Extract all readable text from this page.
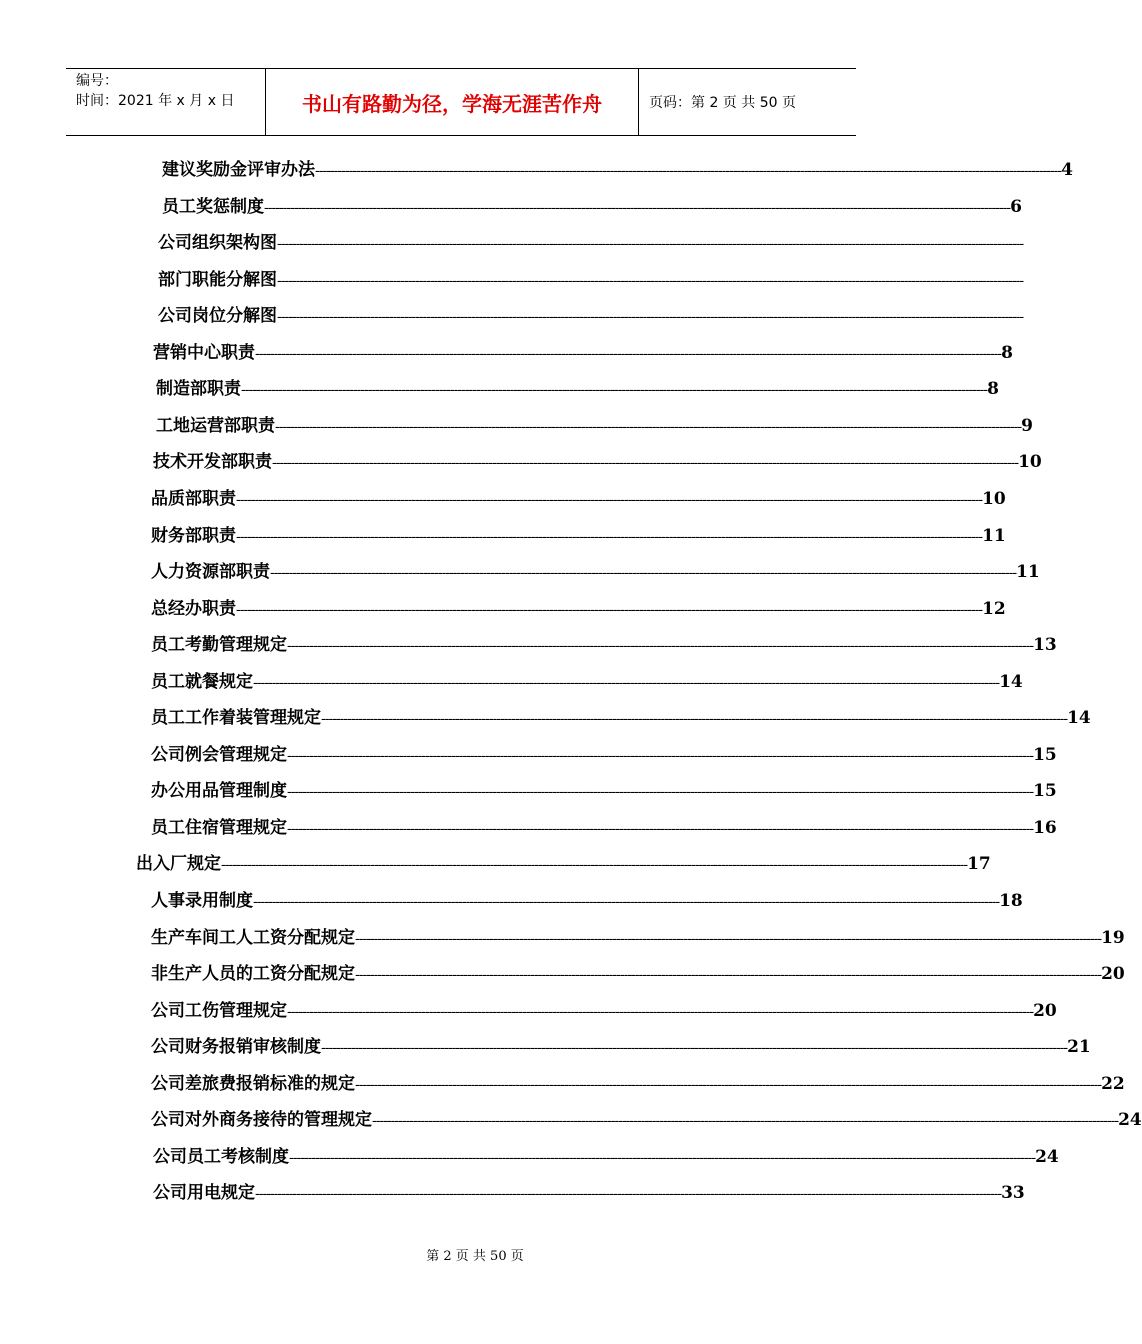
编号：
时间：2021 年 x 月 x 日	书山有路勤为径，学海无涯苦作舟	页码：第 2 页 共 50 页
建议奖励金评审办法 -------------------------------------------------------------------------------------------------------------------------------------------------------------------------------------------------------- 4
员工奖惩制度 -------------------------------------------------------------------------------------------------------------------------------------------------------------------------------------------------------- 6
公司组织架构图 --------------------------------------------------------------------------------------------------------------------------------------------------------------------------------------------------------
部门职能分解图 --------------------------------------------------------------------------------------------------------------------------------------------------------------------------------------------------------
公司岗位分解图 --------------------------------------------------------------------------------------------------------------------------------------------------------------------------------------------------------
营销中心职责 -------------------------------------------------------------------------------------------------------------------------------------------------------------------------------------------------------- 8
制造部职责 -------------------------------------------------------------------------------------------------------------------------------------------------------------------------------------------------------- 8
工地运营部职责 -------------------------------------------------------------------------------------------------------------------------------------------------------------------------------------------------------- 9
技术开发部职责 -------------------------------------------------------------------------------------------------------------------------------------------------------------------------------------------------------- 10
品质部职责 -------------------------------------------------------------------------------------------------------------------------------------------------------------------------------------------------------- 10
财务部职责 -------------------------------------------------------------------------------------------------------------------------------------------------------------------------------------------------------- 11
人力资源部职责 -------------------------------------------------------------------------------------------------------------------------------------------------------------------------------------------------------- 11
总经办职责 -------------------------------------------------------------------------------------------------------------------------------------------------------------------------------------------------------- 12
员工考勤管理规定 -------------------------------------------------------------------------------------------------------------------------------------------------------------------------------------------------------- 13
员工就餐规定 -------------------------------------------------------------------------------------------------------------------------------------------------------------------------------------------------------- 14
员工工作着装管理规定 -------------------------------------------------------------------------------------------------------------------------------------------------------------------------------------------------------- 14
公司例会管理规定 -------------------------------------------------------------------------------------------------------------------------------------------------------------------------------------------------------- 15
办公用品管理制度 -------------------------------------------------------------------------------------------------------------------------------------------------------------------------------------------------------- 15
员工住宿管理规定 -------------------------------------------------------------------------------------------------------------------------------------------------------------------------------------------------------- 16
出入厂规定 -------------------------------------------------------------------------------------------------------------------------------------------------------------------------------------------------------- 17
人事录用制度 -------------------------------------------------------------------------------------------------------------------------------------------------------------------------------------------------------- 18
生产车间工人工资分配规定 -------------------------------------------------------------------------------------------------------------------------------------------------------------------------------------------------------- 19
非生产人员的工资分配规定 -------------------------------------------------------------------------------------------------------------------------------------------------------------------------------------------------------- 20
公司工伤管理规定 -------------------------------------------------------------------------------------------------------------------------------------------------------------------------------------------------------- 20
公司财务报销审核制度 -------------------------------------------------------------------------------------------------------------------------------------------------------------------------------------------------------- 21
公司差旅费报销标准的规定 -------------------------------------------------------------------------------------------------------------------------------------------------------------------------------------------------------- 22
公司对外商务接待的管理规定 -------------------------------------------------------------------------------------------------------------------------------------------------------------------------------------------------------- 24
公司员工考核制度 -------------------------------------------------------------------------------------------------------------------------------------------------------------------------------------------------------- 24
公司用电规定 -------------------------------------------------------------------------------------------------------------------------------------------------------------------------------------------------------- 33
第 2 页 共 50 页
